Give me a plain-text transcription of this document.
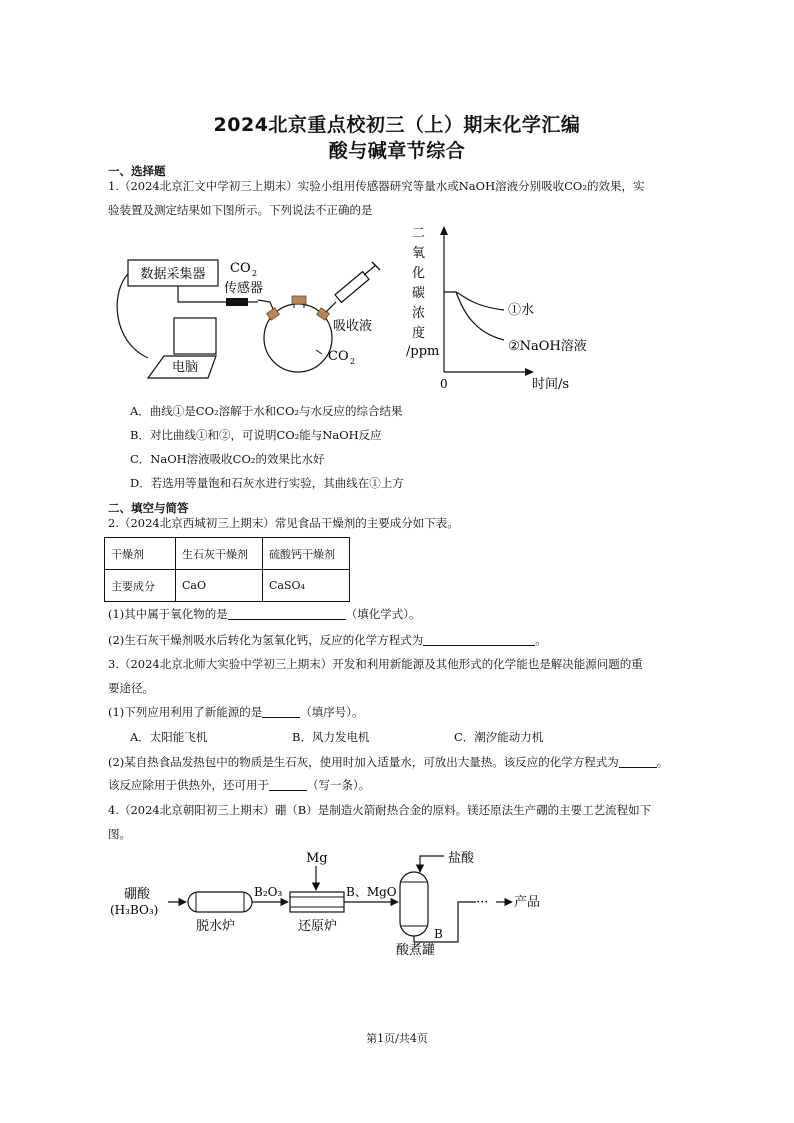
2024北京重点校初三（上）期末化学汇编
酸与碱章节综合
一、选择题
1.（2024北京汇文中学初三上期末）实验小组用传感器研究等量水或NaOH溶液分别吸收CO₂的效果，实
验装置及测定结果如下图所示。下列说法不正确的是
数据采集器 CO 2
传感器
吸收液
CO 2
电脑
二
氧
化
碳
浓
度
/ppm
0	时间/s
①水
②NaOH溶液
A．曲线①是CO₂溶解于水和CO₂与水反应的综合结果
B．对比曲线①和②，可说明CO₂能与NaOH反应
C．NaOH溶液吸收CO₂的效果比水好
D．若选用等量饱和石灰水进行实验，其曲线在①上方
二、填空与简答
2.（2024北京西城初三上期末）常见食品干燥剂的主要成分如下表。
干燥剂	生石灰干燥剂	硫酸钙干燥剂
主要成分	CaO	CaSO₄
(1)其中属于氧化物的是	（填化学式）。
(2)生石灰干燥剂吸水后转化为氢氧化钙，反应的化学方程式为	。
3.（2024北京北师大实验中学初三上期末）开发和利用新能源及其他形式的化学能也是解决能源问题的重
要途径。
(1)下列应用利用了新能源的是	（填序号）。
A．太阳能飞机	B．风力发电机	C．潮汐能动力机
(2)某自热食品发热包中的物质是生石灰，使用时加入适量水，可放出大量热。该反应的化学方程式为	。
该反应除用于供热外，还可用于	（写一条）。
4.（2024北京朝阳初三上期末）硼（B）是制造火箭耐热合金的原料。镁还原法生产硼的主要工艺流程如下
图。
硼酸
(H₃BO₃)
脱水炉
B₂O₃
Mg
还原炉
B、MgO
盐酸
酸煮罐
B
··· 产品
第1页/共4页
